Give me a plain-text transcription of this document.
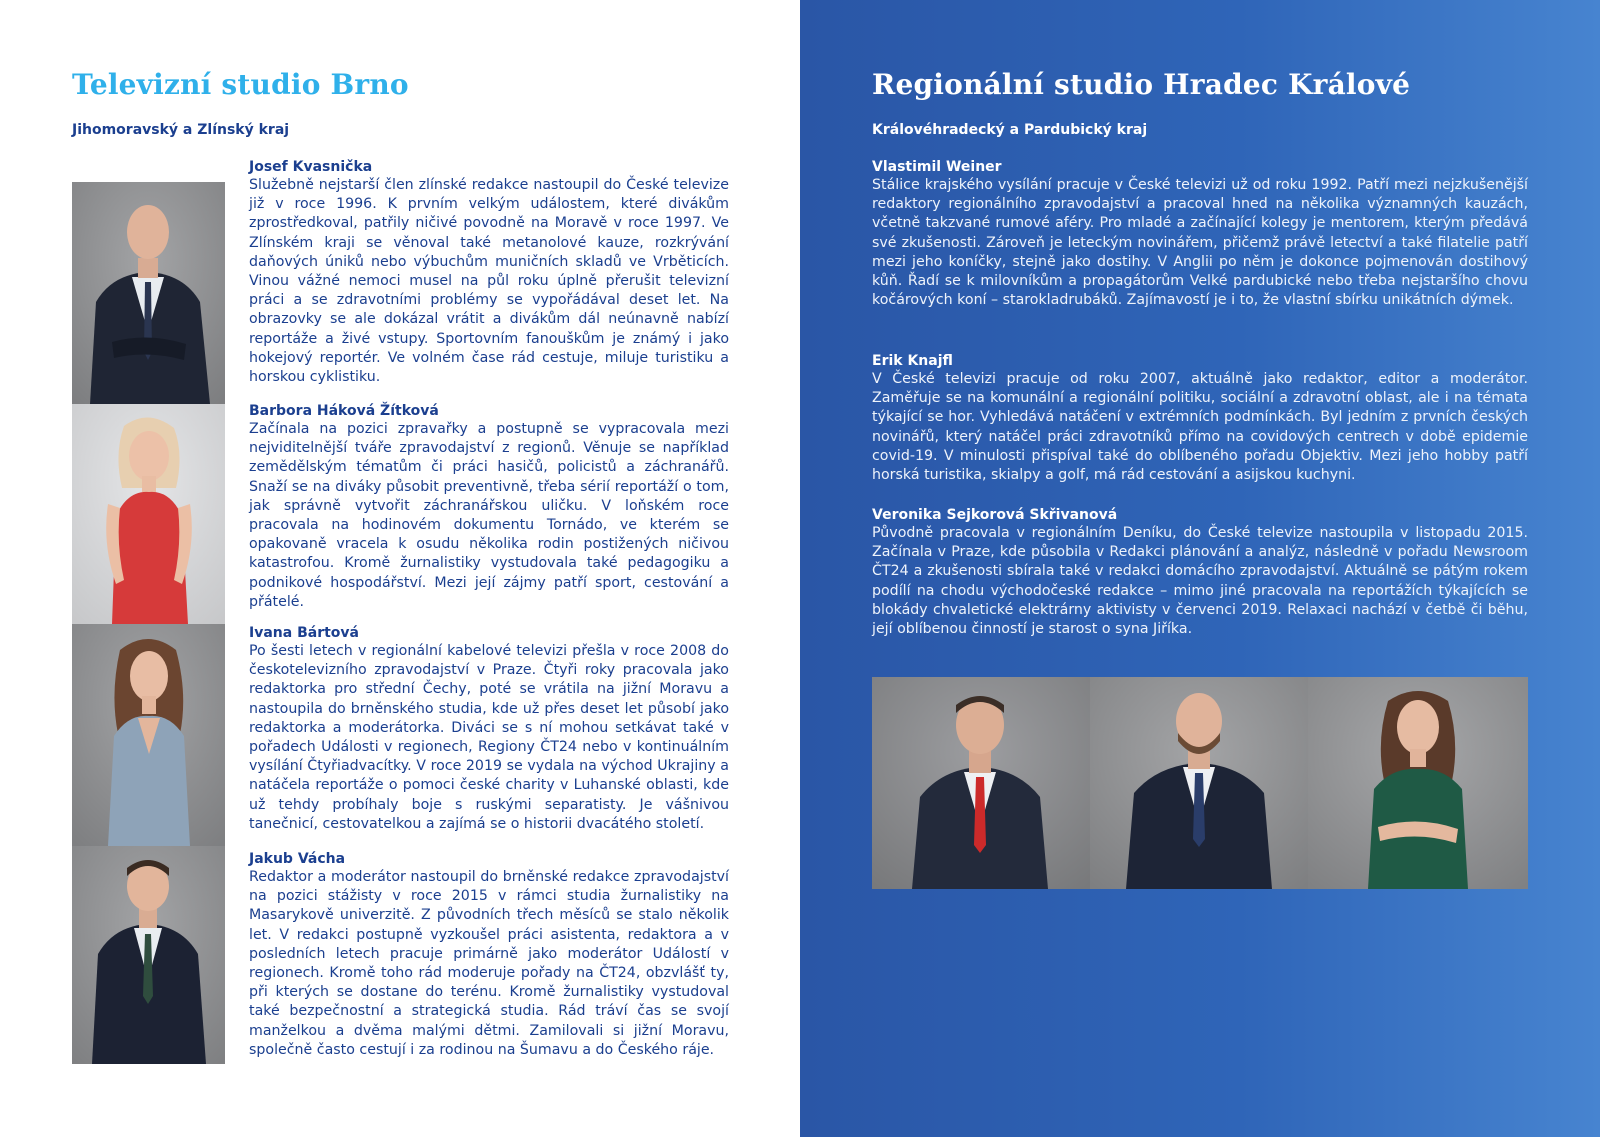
Televizní studio Brno
Jihomoravský a Zlínský kraj

Josef Kvasnička

Služebně nejstarší člen zlínské redakce nastoupil do České televize již v roce 1996. K prvním velkým událostem, které divákům zprostředkoval, patřily ničivé povodně na Moravě v roce 1997. Ve Zlínském kraji se věnoval také metanolové kauze, rozkrývání daňových úniků nebo výbuchům muničních skladů ve Vrběticích. Vinou vážné nemoci musel na půl roku úplně přerušit televizní práci a se zdravotními problémy se vypořádával deset let. Na obrazovky se ale dokázal vrátit a divákům dál neúnavně nabízí reportáže a živé vstupy. Sportovním fanouškům je známý i jako hokejový reportér. Ve volném čase rád cestuje, miluje turistiku a horskou cyklistiku.

Barbora Háková Žítková

Začínala na pozici zpravařky a postupně se vypracovala mezi nejviditelnější tváře zpravodajství z regionů. Věnuje se například zemědělským tématům či práci hasičů, policistů a záchranářů. Snaží se na diváky působit preventivně, třeba sérií reportáží o tom, jak správně vytvořit záchranářskou uličku. V loňském roce pracovala na hodinovém dokumentu Tornádo, ve kterém se opakovaně vracela k osudu několika rodin postižených ničivou katastrofou. Kromě žurnalistiky vystudovala také pedagogiku a podnikové hospodářství. Mezi její zájmy patří sport, cestování a přátelé.

Ivana Bártová

Po šesti letech v regionální kabelové televizi přešla v roce 2008 do českotelevizního zpravodajství v Praze. Čtyři roky pracovala jako redaktorka pro střední Čechy, poté se vrátila na jižní Moravu a nastoupila do brněnského studia, kde už přes deset let působí jako redaktorka a moderátorka. Diváci se s ní mohou setkávat také v pořadech Události v regionech, Regiony ČT24 nebo v kontinuálním vysílání Čtyřiadvacítky. V roce 2019 se vydala na východ Ukrajiny a natáčela reportáže o pomoci české charity v Luhanské oblasti, kde už tehdy probíhaly boje s ruskými separatisty. Je vášnivou tanečnicí, cestovatelkou a zajímá se o historii dvacátého století.

Jakub Vácha

Redaktor a moderátor nastoupil do brněnské redakce zpravodajství na pozici stážisty v roce 2015 v rámci studia žurnalistiky na Masarykově univerzitě. Z původních třech měsíců se stalo několik let. V redakci postupně vyzkoušel práci asistenta, redaktora a v posledních letech pracuje primárně jako moderátor Událostí v regionech. Kromě toho rád moderuje pořady na ČT24, obzvlášť ty, při kterých se dostane do terénu. Kromě žurnalistiky vystudoval také bezpečnostní a strategická studia. Rád tráví čas se svojí manželkou a dvěma malými dětmi. Zamilovali si jižní Moravu, společně často cestují i za rodinou na Šumavu a do Českého ráje.

Regionální studio Hradec Králové
Královéhradecký a Pardubický kraj

Vlastimil Weiner

Stálice krajského vysílání pracuje v České televizi už od roku 1992. Patří mezi nejzkušenější redaktory regionálního zpravodajství a pracoval hned na několika významných kauzách, včetně takzvané rumové aféry. Pro mladé a začínající kolegy je mentorem, kterým předává své zkušenosti. Zároveň je leteckým novinářem, přičemž právě letectví a také filatelie patří mezi jeho koníčky, stejně jako dostihy. V Anglii po něm je dokonce pojmenován dostihový kůň. Řadí se k milovníkům a propagátorům Velké pardubické nebo třeba nejstaršího chovu kočárových koní – starokladrubáků. Zajímavostí je i to, že vlastní sbírku unikátních dýmek.

Erik Knajfl

V České televizi pracuje od roku 2007, aktuálně jako redaktor, editor a moderátor. Zaměřuje se na komunální a regionální politiku, sociální a zdravotní oblast, ale i na témata týkající se hor. Vyhledává natáčení v extrémních podmínkách. Byl jedním z prvních českých novinářů, který natáčel práci zdravotníků přímo na covidových centrech v době epidemie covid-19. V minulosti přispíval také do oblíbeného pořadu Objektiv. Mezi jeho hobby patří horská turistika, skialpy a golf, má rád cestování a asijskou kuchyni.

Veronika Sejkorová Skřivanová

Původně pracovala v regionálním Deníku, do České televize nastoupila v listopadu 2015. Začínala v Praze, kde působila v Redakci plánování a analýz, následně v pořadu Newsroom ČT24 a zkušenosti sbírala také v redakci domácího zpravodajství. Aktuálně se pátým rokem podílí na chodu východočeské redakce – mimo jiné pracovala na reportážích týkajících se blokády chvaletické elektrárny aktivisty v červenci 2019. Relaxaci nachází v četbě či běhu, její oblíbenou činností je starost o syna Jiříka.
